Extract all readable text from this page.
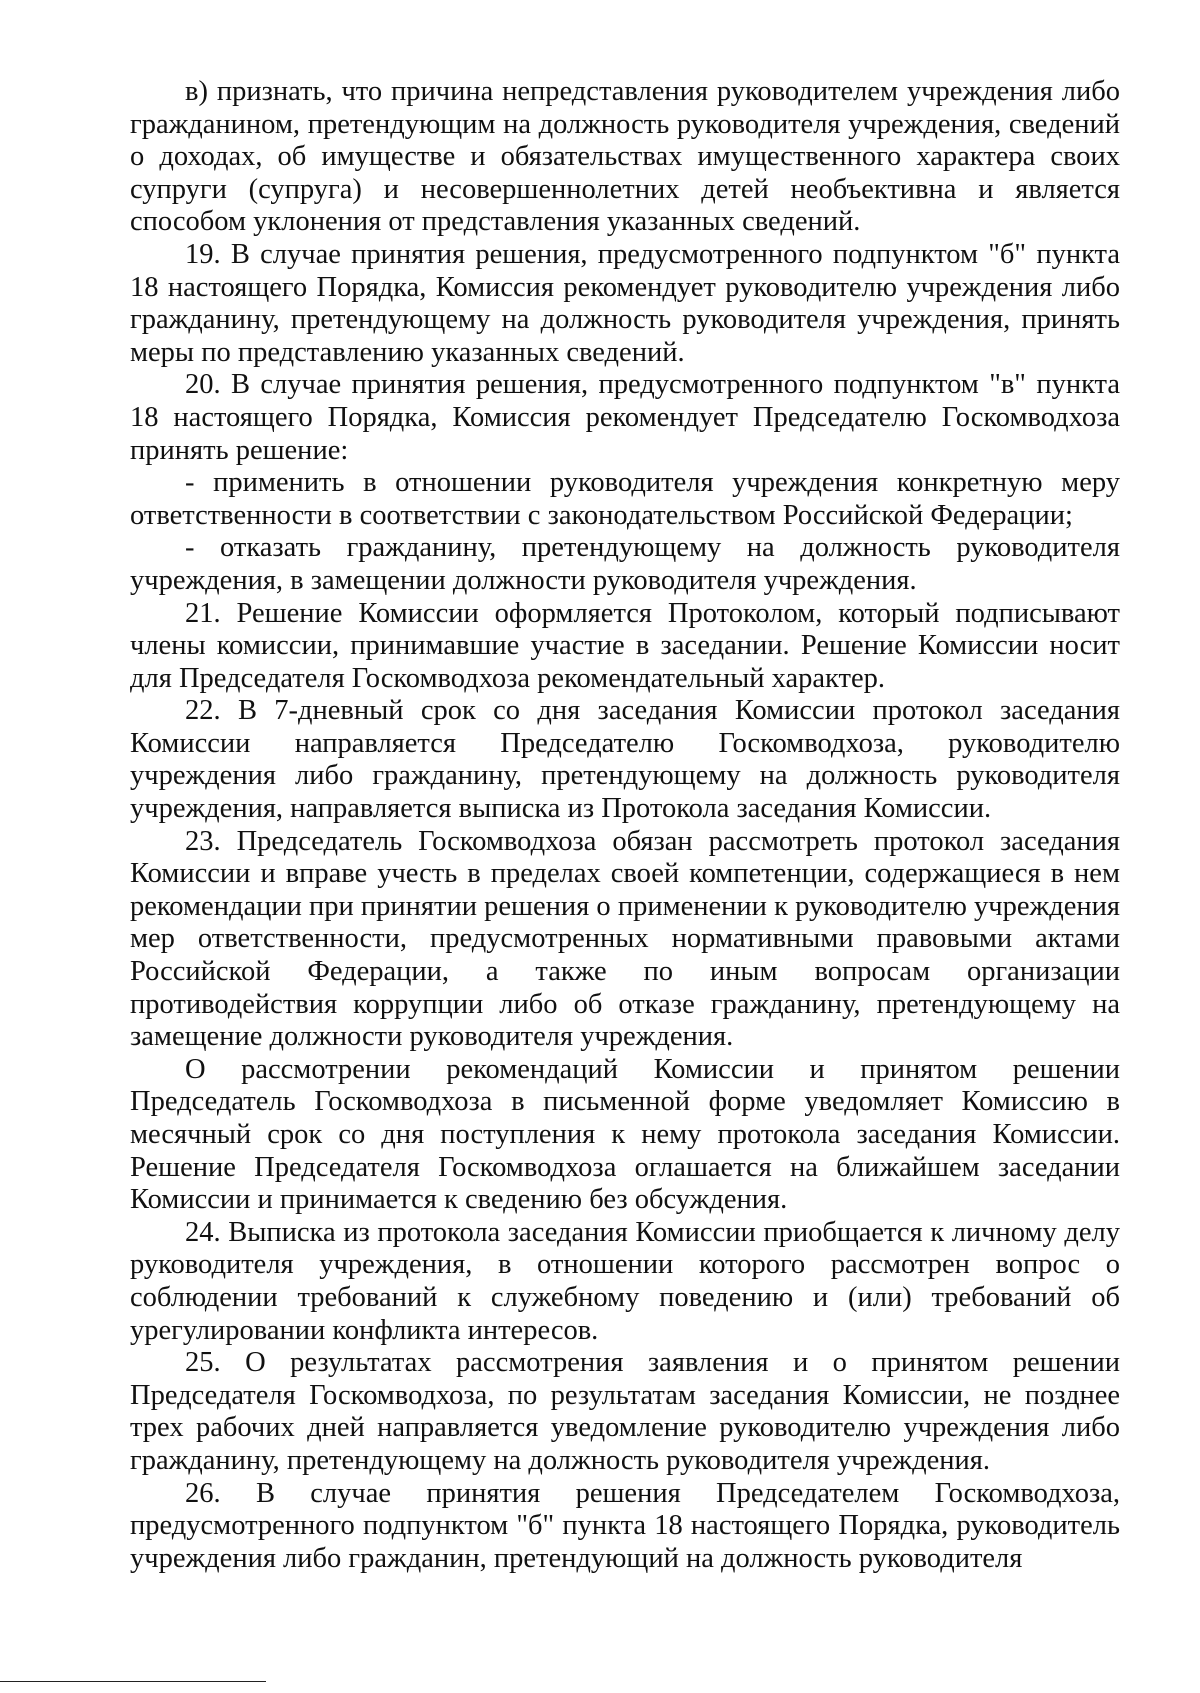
в) признать, что причина непредставления руководителем учреждения либо гражданином, претендующим на должность руководителя учреждения, сведений о доходах, об имуществе и обязательствах имущественного характера своих супруги (супруга) и несовершеннолетних детей необъективна и является способом уклонения от представления указанных сведений.

19. В случае принятия решения, предусмотренного подпунктом "б" пункта 18 настоящего Порядка, Комиссия рекомендует руководителю учреждения либо гражданину, претендующему на должность руководителя учреждения, принять меры по представлению указанных сведений.

20. В случае принятия решения, предусмотренного подпунктом "в" пункта 18 настоящего Порядка, Комиссия рекомендует Председателю Госкомводхоза принять решение:

- применить в отношении руководителя учреждения конкретную меру ответственности в соответствии с законодательством Российской Федерации;

- отказать гражданину, претендующему на должность руководителя учреждения, в замещении должности руководителя учреждения.

21. Решение Комиссии оформляется Протоколом, который подписывают члены комиссии, принимавшие участие в заседании. Решение Комиссии носит для Председателя Госкомводхоза рекомендательный характер.

22. В 7-дневный срок со дня заседания Комиссии протокол заседания Комиссии направляется Председателю Госкомводхоза, руководителю учреждения либо гражданину, претендующему на должность руководителя учреждения, направляется выписка из Протокола заседания Комиссии.

23. Председатель Госкомводхоза обязан рассмотреть протокол заседания Комиссии и вправе учесть в пределах своей компетенции, содержащиеся в нем рекомендации при принятии решения о применении к руководителю учреждения мер ответственности, предусмотренных нормативными правовыми актами Российской Федерации, а также по иным вопросам организации противодействия коррупции либо об отказе гражданину, претендующему на замещение должности руководителя учреждения.

О рассмотрении рекомендаций Комиссии и принятом решении Председатель Госкомводхоза в письменной форме уведомляет Комиссию в месячный срок со дня поступления к нему протокола заседания Комиссии. Решение Председателя Госкомводхоза оглашается на ближайшем заседании Комиссии и принимается к сведению без обсуждения.

24. Выписка из протокола заседания Комиссии приобщается к личному делу руководителя учреждения, в отношении которого рассмотрен вопрос о соблюдении требований к служебному поведению и (или) требований об урегулировании конфликта интересов.

25. О результатах рассмотрения заявления и о принятом решении Председателя Госкомводхоза, по результатам заседания Комиссии, не позднее трех рабочих дней направляется уведомление руководителю учреждения либо гражданину, претендующему на должность руководителя учреждения.

26. В случае принятия решения Председателем Госкомводхоза, предусмотренного подпунктом "б" пункта 18 настоящего Порядка, руководитель учреждения либо гражданин, претендующий на должность руководителя
